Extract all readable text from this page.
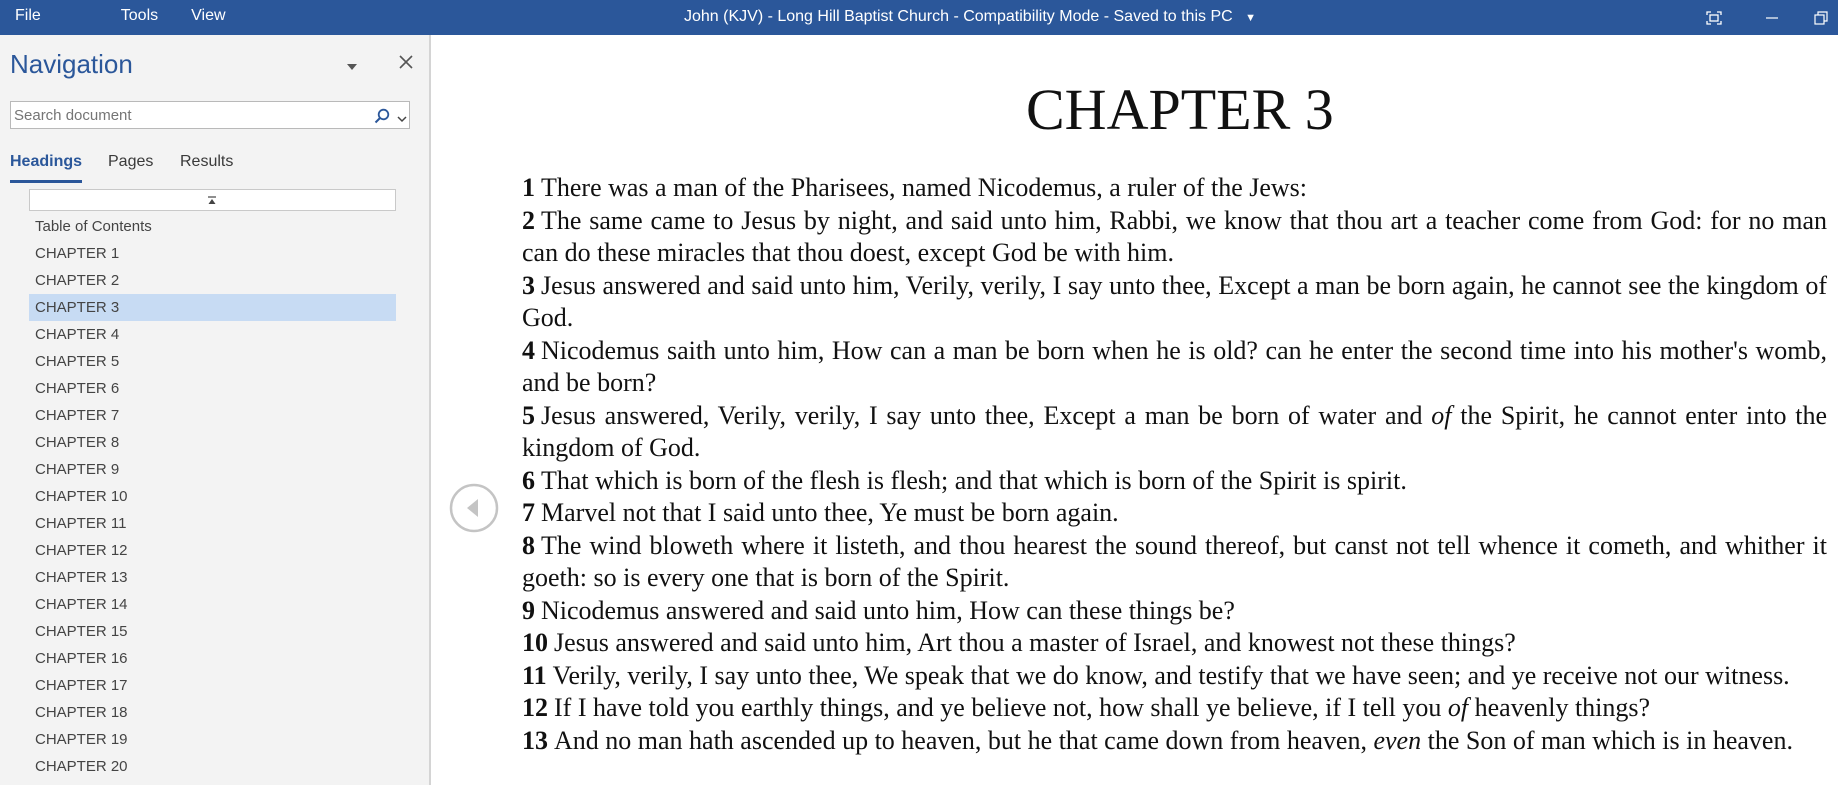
File	Tools	View	John (KJV) - Long Hill Baptist Church - Compatibility Mode - Saved to this PC ▼
Navigation
Search document
Headings Pages Results
Table of Contents
CHAPTER 1
CHAPTER 2
CHAPTER 3
CHAPTER 4
CHAPTER 5
CHAPTER 6
CHAPTER 7
CHAPTER 8
CHAPTER 9
CHAPTER 10
CHAPTER 11
CHAPTER 12
CHAPTER 13
CHAPTER 14
CHAPTER 15
CHAPTER 16
CHAPTER 17
CHAPTER 18
CHAPTER 19
CHAPTER 20
CHAPTER 3

1 There was a man of the Pharisees, named Nicodemus, a ruler of the Jews:

2 The same came to Jesus by night, and said unto him, Rabbi, we know that thou art a teacher come from God: for no man can do these miracles that thou doest, except God be with him.

3 Jesus answered and said unto him, Verily, verily, I say unto thee, Except a man be born again, he cannot see the kingdom of God.

4 Nicodemus saith unto him, How can a man be born when he is old? can he enter the second time into his mother's womb, and be born?

5 Jesus answered, Verily, verily, I say unto thee, Except a man be born of water and of the Spirit, he cannot enter into the kingdom of God.

6 That which is born of the flesh is flesh; and that which is born of the Spirit is spirit.

7 Marvel not that I said unto thee, Ye must be born again.

8 The wind bloweth where it listeth, and thou hearest the sound thereof, but canst not tell whence it cometh, and whither it goeth: so is every one that is born of the Spirit.

9 Nicodemus answered and said unto him, How can these things be?

10 Jesus answered and said unto him, Art thou a master of Israel, and knowest not these things?

11 Verily, verily, I say unto thee, We speak that we do know, and testify that we have seen; and ye receive not our witness.

12 If I have told you earthly things, and ye believe not, how shall ye believe, if I tell you of heavenly things?

13 And no man hath ascended up to heaven, but he that came down from heaven, even the Son of man which is in heaven.
